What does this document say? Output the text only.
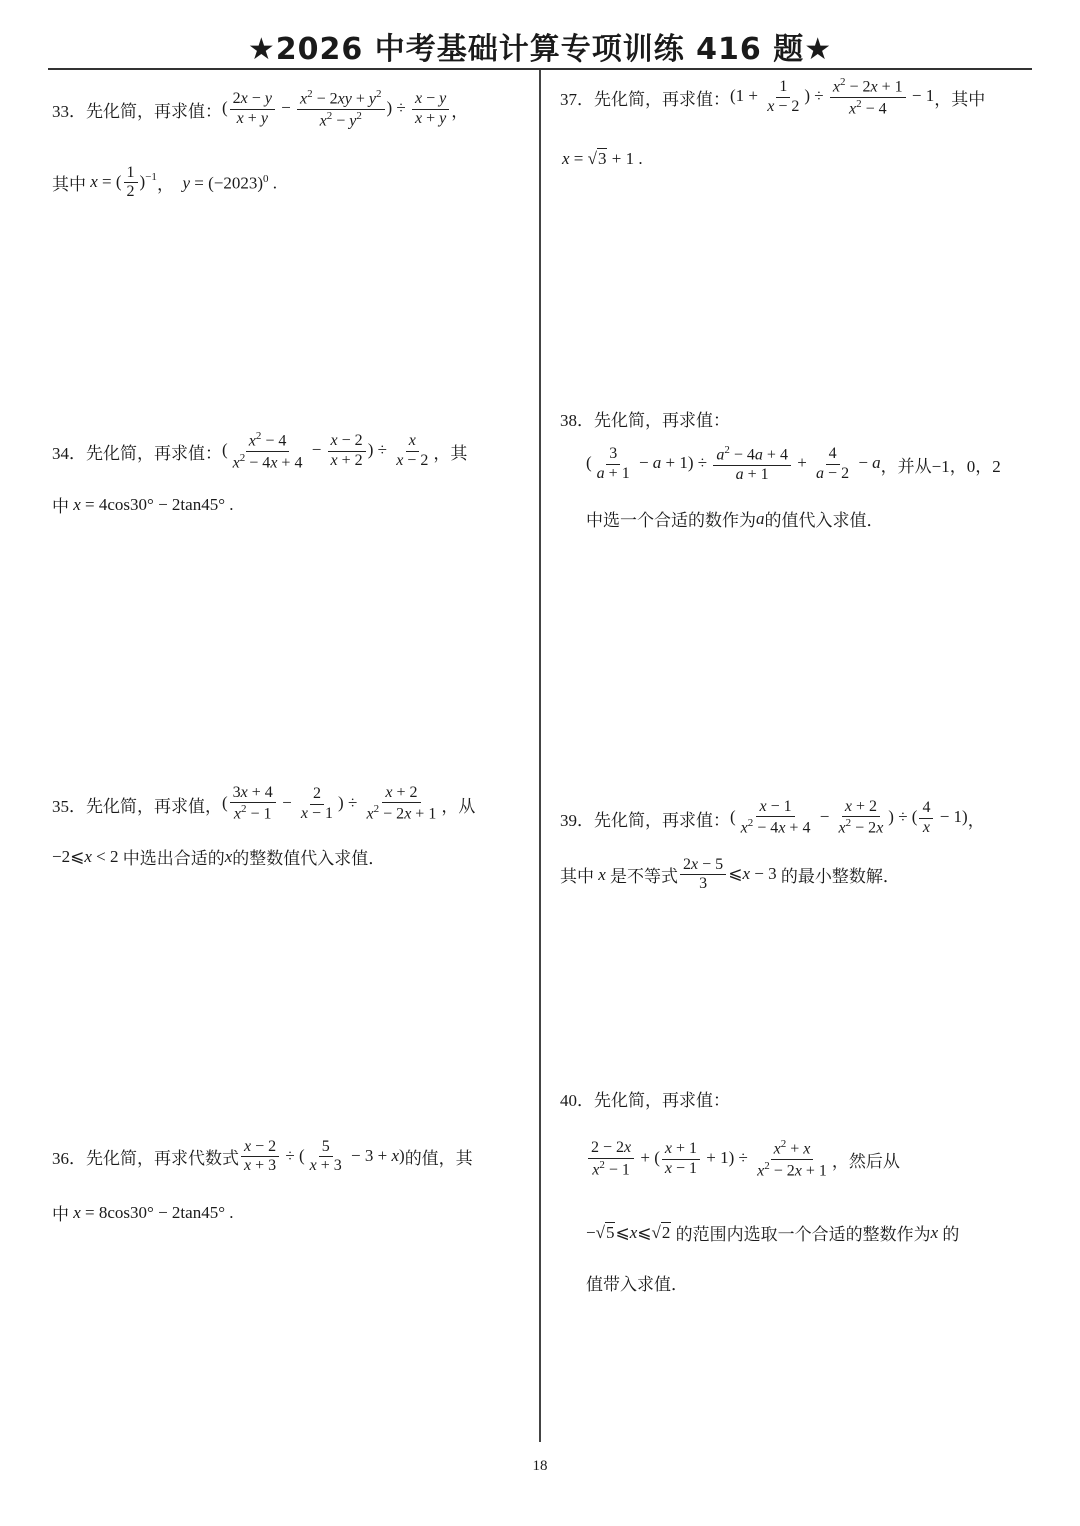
★2026 中考基础计算专项训练 416 题★
33． 先化简，再求值： ( $\frac{2x - y}{x + y} - \frac{x^2 - 2xy + y^2}{x^2 - y^2}$ ) ÷ $\frac{x - y}{x + y}$ ，
其中 x = ( $\frac{1}{2} )^{-1}$ ， $y = (-2023)^0$ .
34． 先化简，再求值： ( $\frac{x^2 - 4}{x^2 - 4x + 4} - \frac{x - 2}{x + 2}$ ) ÷ $\frac{x}{x - 2}$ ，其
中 x = 4cos30° − 2tan45° .
35． 先化简，再求值， ( $\frac{3x + 4}{x^2 - 1} - \frac{2}{x - 1}$ ) ÷ $\frac{x + 2}{x^2 - 2x + 1}$ ，从
−2⩽x < 2 中选出合适的 x 的整数值代入求值．
36． 先化简，再求代数式 $\frac{x - 2}{x + 3}$ ÷ ( $\frac{5}{x + 3} - 3 + x$) 的值，其
中 x = 8cos30° − 2tan45° .
37． 先化简，再求值： ($1 + \frac{1}{x - 2}$ ) ÷ $\frac{x^2 - 2x + 1}{x^2 - 4} - 1$ ，其中
x = √ 3 + 1 .
38． 先化简，再求值：
( $\frac{3}{a + 1} - a + 1) \div \frac{a^2 - 4a + 4}{a + 1} + \frac{4}{a - 2} - a$ ，并从 −1，0，2
中选一个合适的数作为 a 的值代入求值．
39． 先化简，再求值： ( $\frac{x - 1}{x^2 - 4x + 4} - \frac{x + 2}{x^2 - 2x}$ ) ÷ ( $\frac{4}{x} - 1$) ，
其中 x 是不等式 $\frac{2x - 5}{3}$ ⩽x − 3 的最小整数解．
40． 先化简，再求值：
$\frac{2 - 2x}{x^2 - 1}$ + ( $\frac{x + 1}{x - 1} + 1) \div \frac{x^2 + x}{x^2 - 2x + 1}$ ，然后从
− √ 5 ⩽x⩽ √ 2
的范围内选取一个合适的整数作为 x 的
值带入求值．
18
